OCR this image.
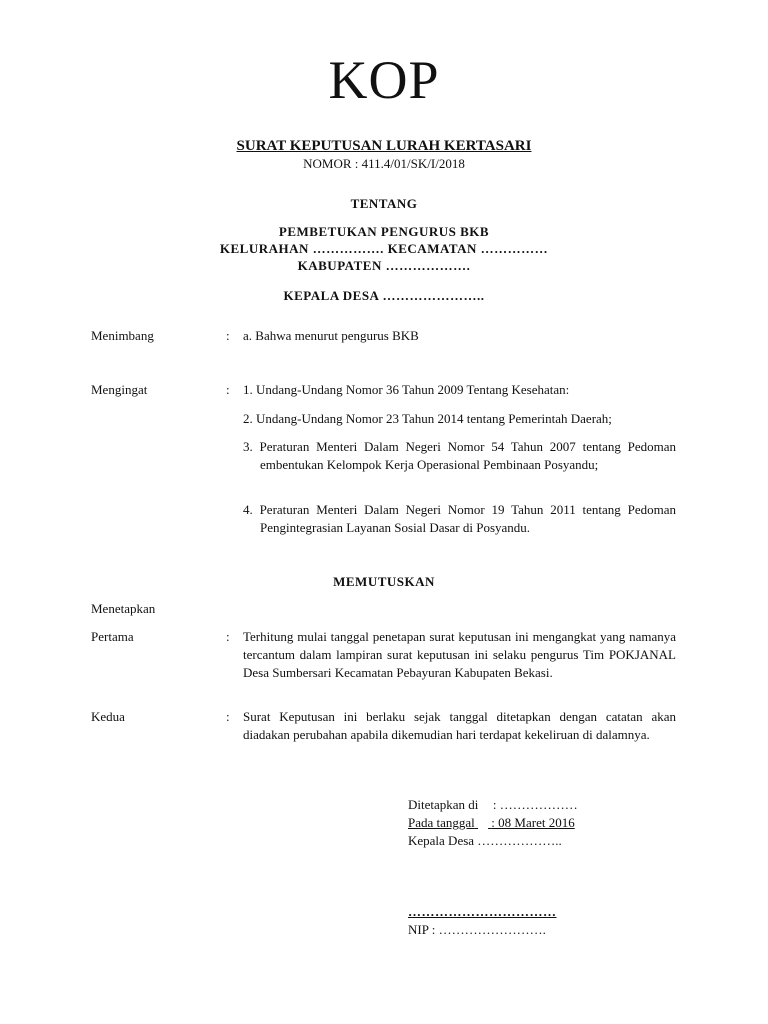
KOP
SURAT KEPUTUSAN LURAH KERTASARI
NOMOR : 411.4/01/SK/I/2018
TENTANG
PEMBETUKAN PENGURUS BKB
KELURAHAN ……………. KECAMATAN ……………
KABUPATEN ……………….
KEPALA DESA …………………..
Menimbang	: a. Bahwa menurut pengurus BKB
Mengingat	: 1. Undang-Undang Nomor 36 Tahun 2009 Tentang Kesehatan:
2. Undang-Undang Nomor 23 Tahun 2014 tentang Pemerintah Daerah;
3. Peraturan Menteri Dalam Negeri Nomor 54 Tahun 2007 tentang Pedoman embentukan Kelompok Kerja Operasional Pembinaan Posyandu;
4. Peraturan Menteri Dalam Negeri Nomor 19 Tahun 2011 tentang Pedoman Pengintegrasian Layanan Sosial Dasar di Posyandu.
MEMUTUSKAN
Menetapkan
Pertama	: Terhitung mulai tanggal penetapan surat keputusan ini mengangkat yang namanya tercantum dalam lampiran surat keputusan ini selaku pengurus Tim POKJANAL Desa Sumbersari Kecamatan Pebayuran Kabupaten Bekasi.
Kedua	: Surat Keputusan ini berlaku sejak tanggal ditetapkan dengan catatan akan diadakan perubahan apabila dikemudian hari terdapat kekeliruan di dalamnya.
Ditetapkan di : ………………
Pada tanggal : 08 Maret 2016
Kepala Desa ………………..
……………………………
NIP : …………………….
